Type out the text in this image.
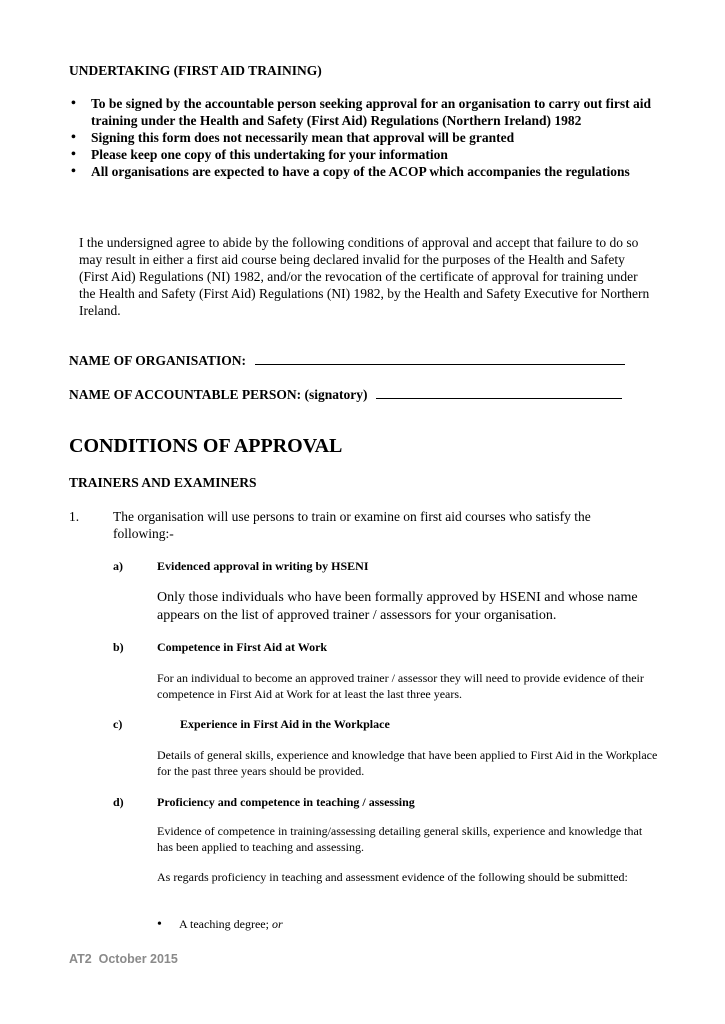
UNDERTAKING (FIRST AID TRAINING)
• To be signed by the accountable person seeking approval for an organisation to carry out first aid training under the Health and Safety (First Aid) Regulations (Northern Ireland) 1982
• Signing this form does not necessarily mean that approval will be granted
• Please keep one copy of this undertaking for your information
• All organisations are expected to have a copy of the ACOP which accompanies the regulations
I the undersigned agree to abide by the following conditions of approval and accept that failure to do so may result in either a first aid course being declared invalid for the purposes of the Health and Safety (First Aid) Regulations (NI) 1982, and/or the revocation of the certificate of approval for training under the Health and Safety (First Aid) Regulations (NI) 1982, by the Health and Safety Executive for Northern Ireland.
NAME OF ORGANISATION:
NAME OF ACCOUNTABLE PERSON: (signatory)
CONDITIONS OF APPROVAL
TRAINERS AND EXAMINERS
1.	The organisation will use persons to train or examine on first aid courses who satisfy the following:-
a)	Evidenced approval in writing by HSENI
Only those individuals who have been formally approved by HSENI and whose name appears on the list of approved trainer / assessors for your organisation.
b)	Competence in First Aid at Work
For an individual to become an approved trainer / assessor they will need to provide evidence of their competence in First Aid at Work for at least the last three years.
c)	Experience in First Aid in the Workplace
Details of general skills, experience and knowledge that have been applied to First Aid in the Workplace for the past three years should be provided.
d)	Proficiency and competence in teaching / assessing
Evidence of competence in training/assessing detailing general skills, experience and knowledge that has been applied to teaching and assessing.
As regards proficiency in teaching and assessment evidence of the following should be submitted:
• A teaching degree; or
AT2  October 2015
